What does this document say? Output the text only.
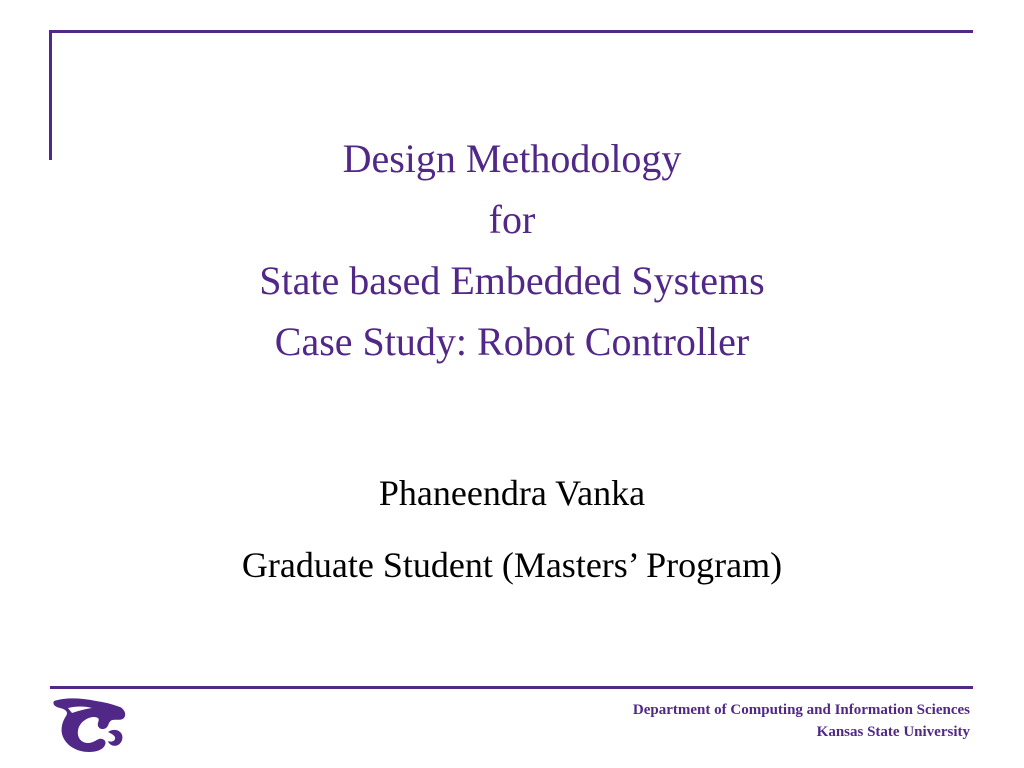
Design Methodology
for
State based Embedded Systems
Case Study: Robot Controller
Phaneendra Vanka
Graduate Student (Masters’ Program)
Department of Computing and Information Sciences
Kansas State University
